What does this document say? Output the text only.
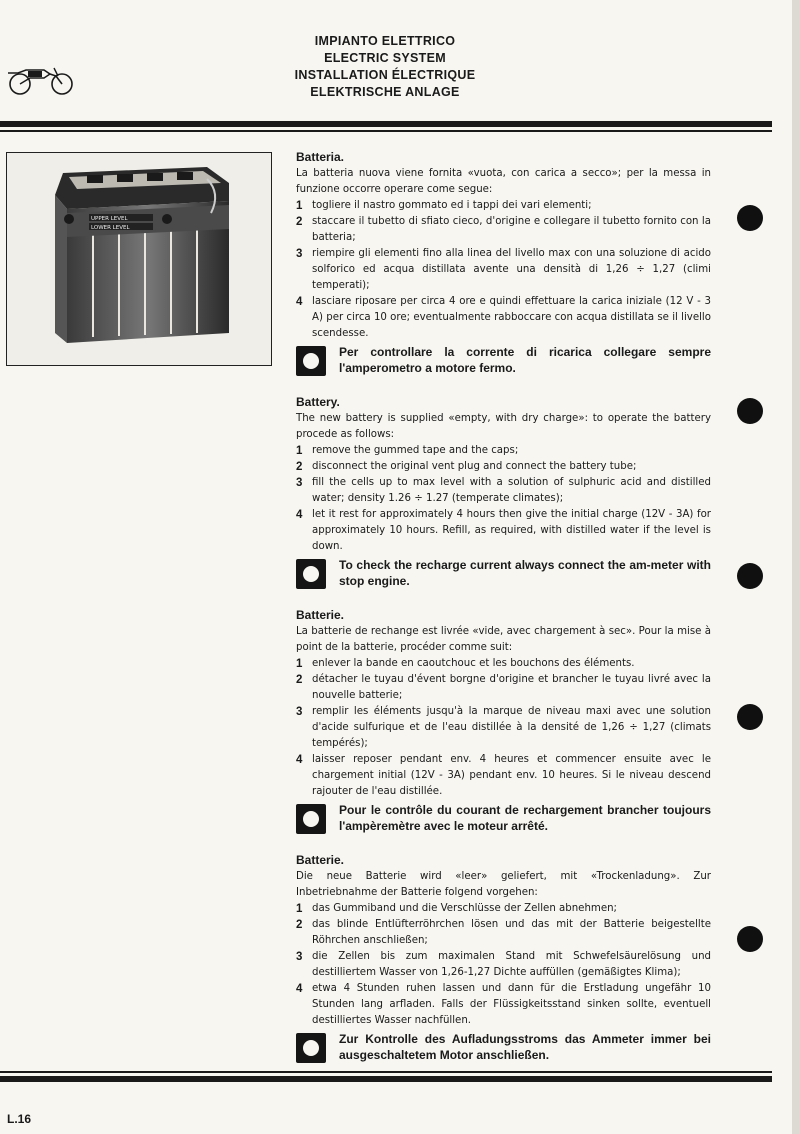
IMPIANTO ELETTRICO
ELECTRIC SYSTEM
INSTALLATION ÉLECTRIQUE
ELEKTRISCHE ANLAGE
UPPER LEVEL
LOWER LEVEL
Batteria.
La batteria nuova viene fornita «vuota, con carica a secco»; per la messa in funzione occorre operare come segue:
1 togliere il nastro gommato ed i tappi dei vari elementi;
2 staccare il tubetto di sfiato cieco, d'origine e collegare il tubetto fornito con la batteria;
3 riempire gli elementi fino alla linea del livello max con una soluzione di acido solforico ed acqua distillata avente una densità di 1,26 ÷ 1,27 (climi temperati);
4 lasciare riposare per circa 4 ore e quindi effettuare la carica iniziale (12 V - 3 A) per circa 10 ore; eventualmente rabboccare con acqua distillata se il livello scendesse.
Per controllare la corrente di ricarica collegare sempre l'amperometro a motore fermo.
Battery.
The new battery is supplied «empty, with dry charge»: to operate the battery procede as follows:
1 remove the gummed tape and the caps;
2 disconnect the original vent plug and connect the battery tube;
3 fill the cells up to max level with a solution of sulphuric acid and distilled water; density 1.26 ÷ 1.27 (temperate climates);
4 let it rest for approximately 4 hours then give the initial charge (12V - 3A) for approximately 10 hours. Refill, as required, with distilled water if the level is down.
To check the recharge current always connect the am-meter with stop engine.
Batterie.
La batterie de rechange est livrée «vide, avec chargement à sec». Pour la mise à point de la batterie, procéder comme suit:
1 enlever la bande en caoutchouc et les bouchons des éléments.
2 détacher le tuyau d'évent borgne d'origine et brancher le tuyau livré avec la nouvelle batterie;
3 remplir les éléments jusqu'à la marque de niveau maxi avec une solution d'acide sulfurique et de l'eau distillée à la densité de 1,26 ÷ 1,27 (climats tempérés);
4 laisser reposer pendant env. 4 heures et commencer ensuite avec le chargement initial (12V - 3A) pendant env. 10 heures. Si le niveau descend rajouter de l'eau distillée.
Pour le contrôle du courant de rechargement brancher toujours l'ampèremètre avec le moteur arrêté.
Batterie.
Die neue Batterie wird «leer» geliefert, mit «Trockenladung». Zur Inbetriebnahme der Batterie folgend vorgehen:
1 das Gummiband und die Verschlüsse der Zellen abnehmen;
2 das blinde Entlüfterröhrchen lösen und das mit der Batterie beigestellte Röhrchen anschließen;
3 die Zellen bis zum maximalen Stand mit Schwefelsäurelösung und destilliertem Wasser von 1,26-1,27 Dichte auffüllen (gemäßigtes Klima);
4 etwa 4 Stunden ruhen lassen und dann für die Erstladung ungefähr 10 Stunden lang arfladen. Falls der Flüssigkeitsstand sinken sollte, eventuell destilliertes Wasser nachfüllen.
Zur Kontrolle des Aufladungsstroms das Ammeter immer bei ausgeschaltetem Motor anschließen.
L.16
